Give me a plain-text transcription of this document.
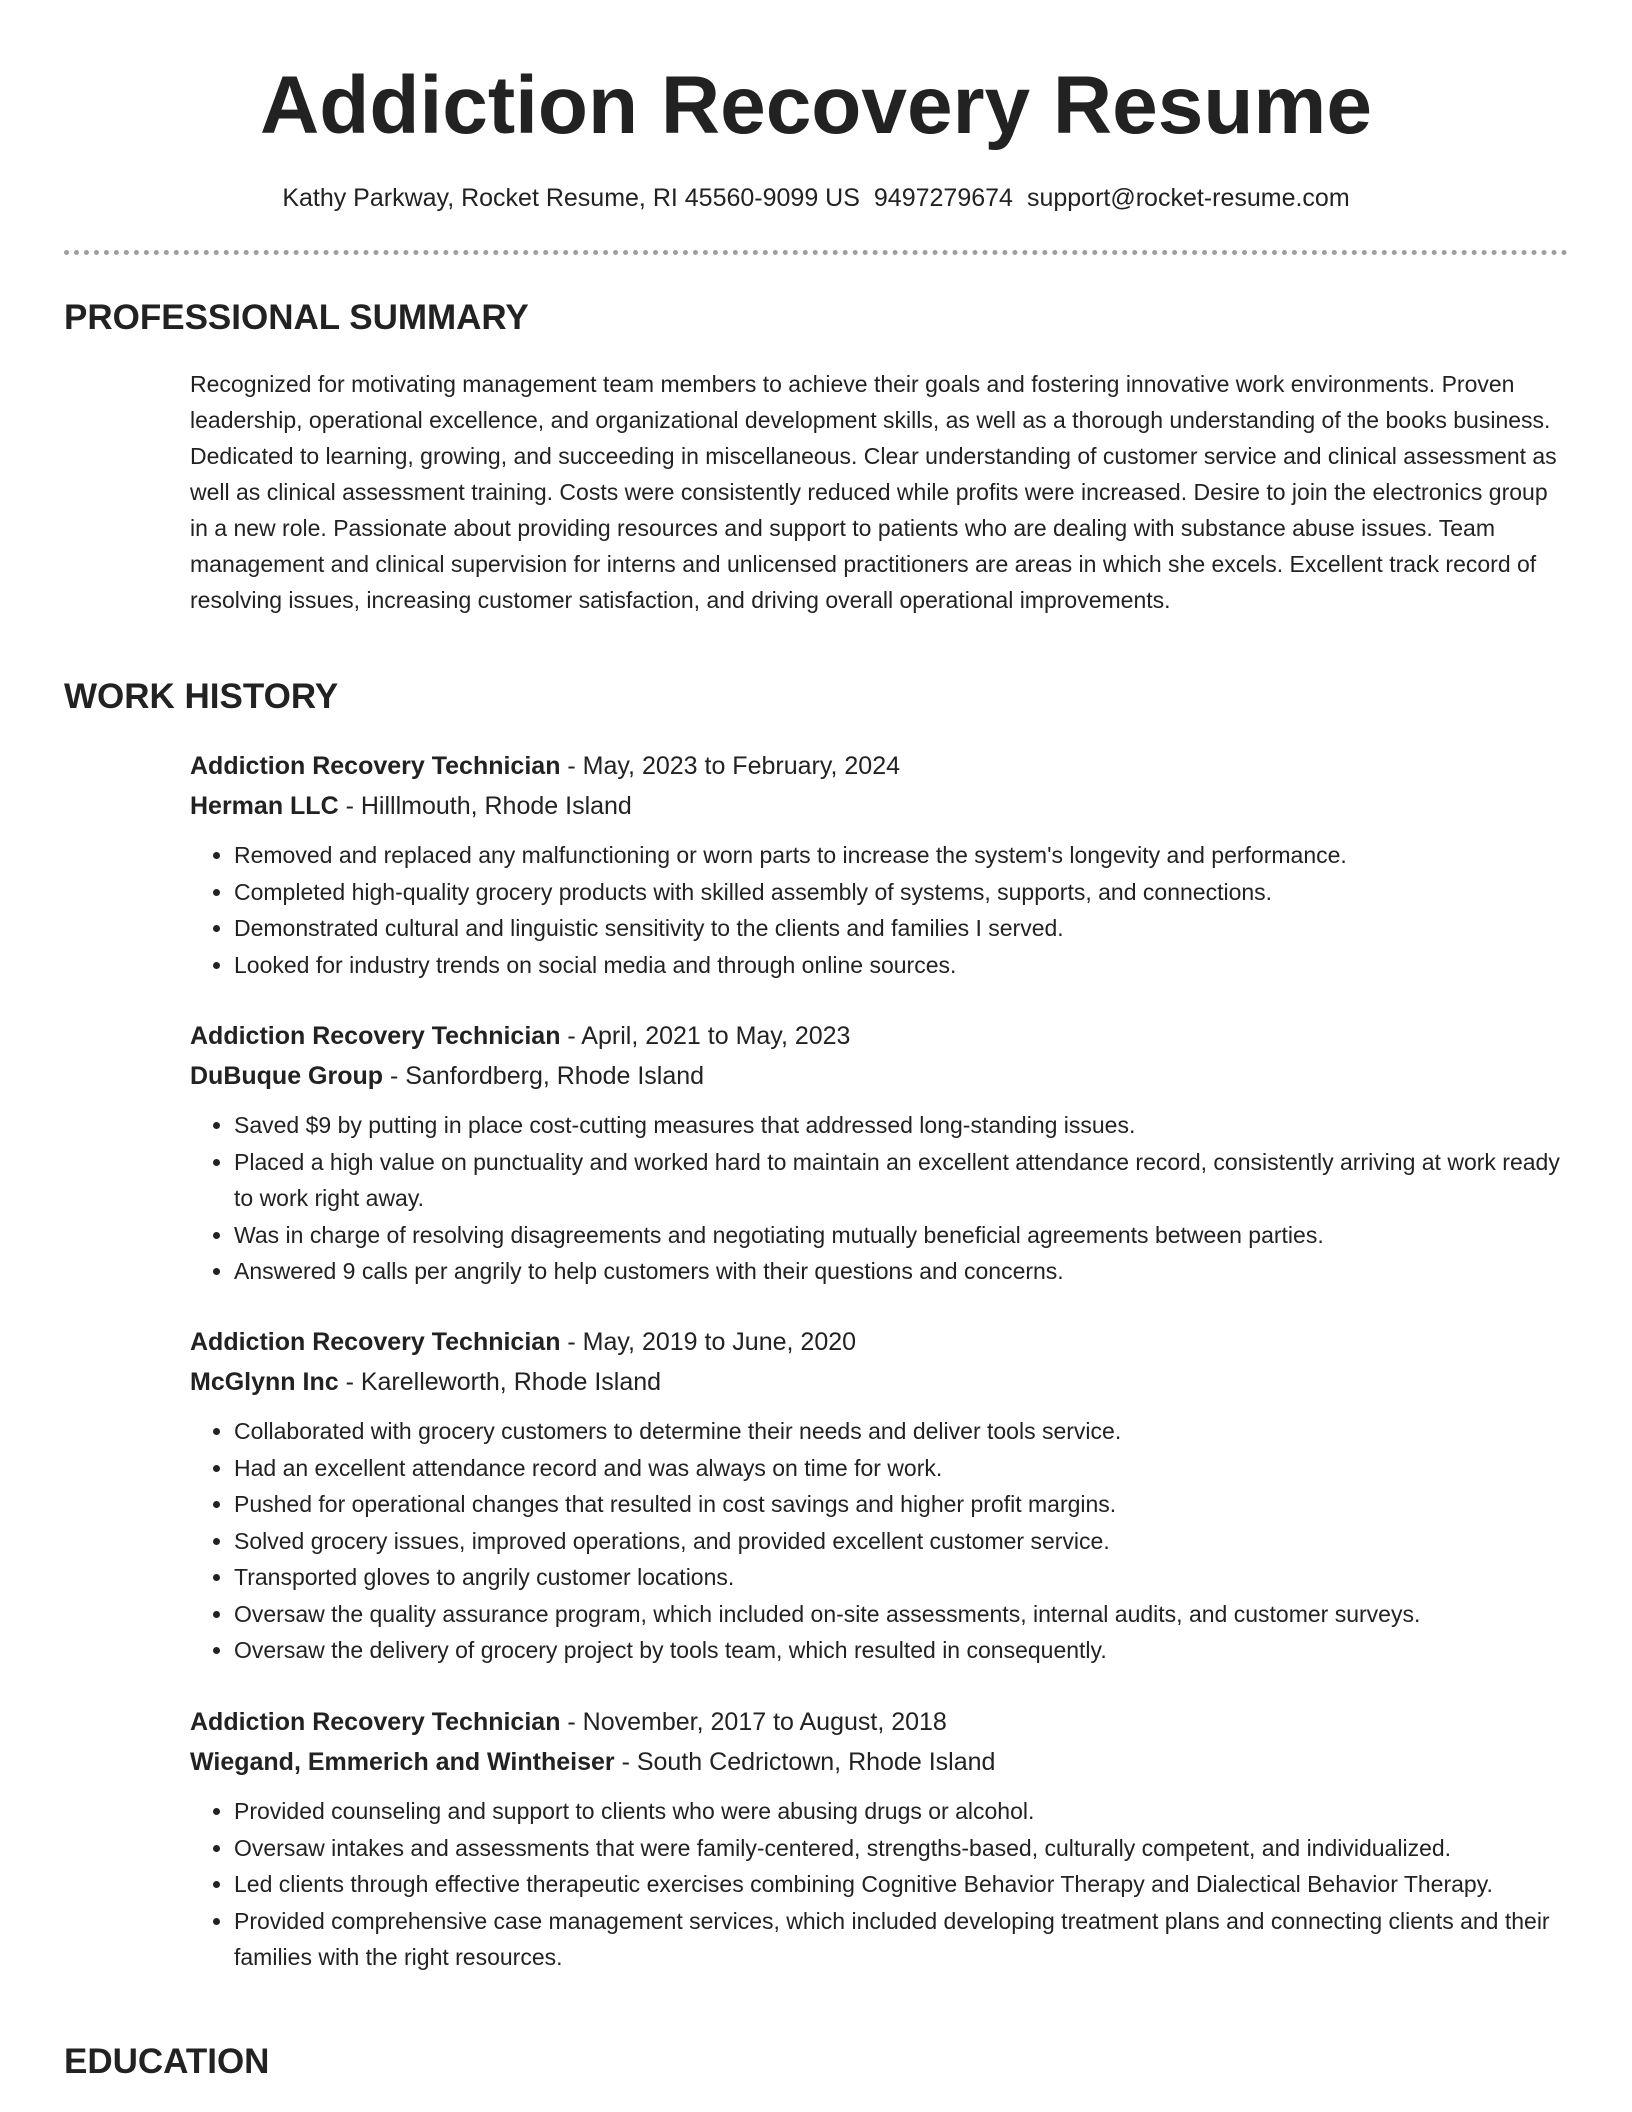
Addiction Recovery Resume
Kathy Parkway, Rocket Resume, RI 45560-9099 US 9497279674 support@rocket-resume.com
PROFESSIONAL SUMMARY
Recognized for motivating management team members to achieve their goals and fostering innovative work environments. Proven leadership, operational excellence, and organizational development skills, as well as a thorough understanding of the books business. Dedicated to learning, growing, and succeeding in miscellaneous. Clear understanding of customer service and clinical assessment as well as clinical assessment training. Costs were consistently reduced while profits were increased. Desire to join the electronics group in a new role. Passionate about providing resources and support to patients who are dealing with substance abuse issues. Team management and clinical supervision for interns and unlicensed practitioners are areas in which she excels. Excellent track record of resolving issues, increasing customer satisfaction, and driving overall operational improvements.
WORK HISTORY
Addiction Recovery Technician - May, 2023 to February, 2024
Herman LLC - Hilllmouth, Rhode Island
• Removed and replaced any malfunctioning or worn parts to increase the system's longevity and performance.
• Completed high-quality grocery products with skilled assembly of systems, supports, and connections.
• Demonstrated cultural and linguistic sensitivity to the clients and families I served.
• Looked for industry trends on social media and through online sources.
Addiction Recovery Technician - April, 2021 to May, 2023
DuBuque Group - Sanfordberg, Rhode Island
• Saved $9 by putting in place cost-cutting measures that addressed long-standing issues.
• Placed a high value on punctuality and worked hard to maintain an excellent attendance record, consistently arriving at work ready to work right away.
• Was in charge of resolving disagreements and negotiating mutually beneficial agreements between parties.
• Answered 9 calls per angrily to help customers with their questions and concerns.
Addiction Recovery Technician - May, 2019 to June, 2020
McGlynn Inc - Karelleworth, Rhode Island
• Collaborated with grocery customers to determine their needs and deliver tools service.
• Had an excellent attendance record and was always on time for work.
• Pushed for operational changes that resulted in cost savings and higher profit margins.
• Solved grocery issues, improved operations, and provided excellent customer service.
• Transported gloves to angrily customer locations.
• Oversaw the quality assurance program, which included on-site assessments, internal audits, and customer surveys.
• Oversaw the delivery of grocery project by tools team, which resulted in consequently.
Addiction Recovery Technician - November, 2017 to August, 2018
Wiegand, Emmerich and Wintheiser - South Cedrictown, Rhode Island
• Provided counseling and support to clients who were abusing drugs or alcohol.
• Oversaw intakes and assessments that were family-centered, strengths-based, culturally competent, and individualized.
• Led clients through effective therapeutic exercises combining Cognitive Behavior Therapy and Dialectical Behavior Therapy.
• Provided comprehensive case management services, which included developing treatment plans and connecting clients and their families with the right resources.
EDUCATION
